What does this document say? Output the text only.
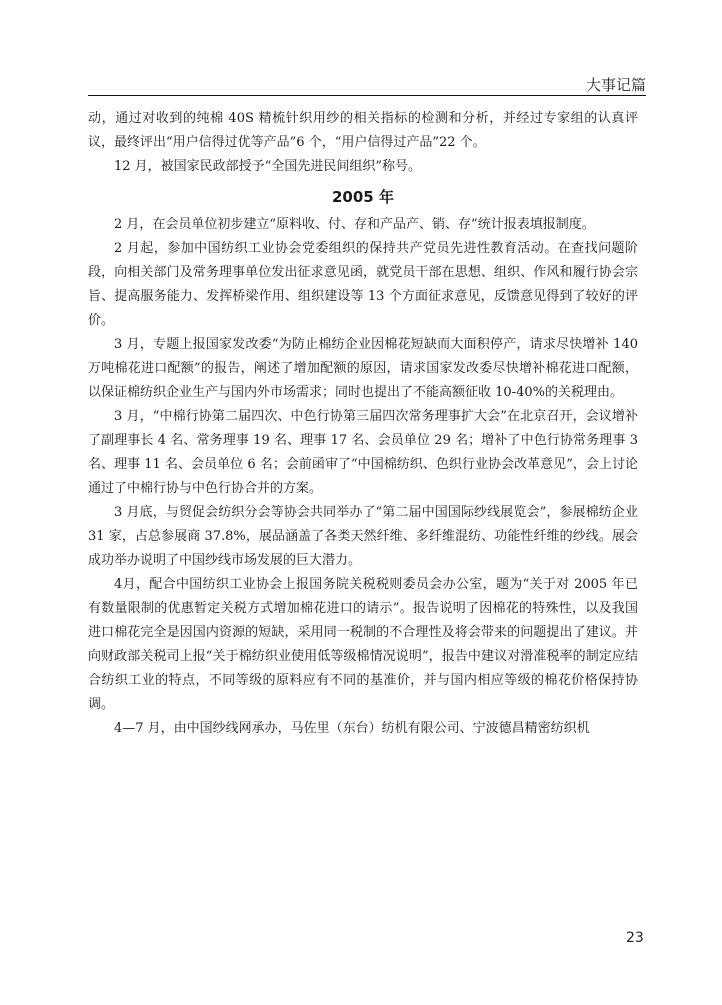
大事记篇

动，通过对收到的纯棉 40S 精梳针织用纱的相关指标的检测和分析，并经过专家组的认真评议，最终评出“用户信得过优等产品”6 个，“用户信得过产品”22 个。

12 月，被国家民政部授予“全国先进民间组织”称号。

2005 年

2 月，在会员单位初步建立“原料收、付、存和产品产、销、存”统计报表填报制度。

2 月起，参加中国纺织工业协会党委组织的保持共产党员先进性教育活动。在查找问题阶段，向相关部门及常务理事单位发出征求意见函，就党员干部在思想、组织、作风和履行协会宗旨、提高服务能力、发挥桥梁作用、组织建设等 13 个方面征求意见，反馈意见得到了较好的评价。

3 月，专题上报国家发改委“为防止棉纺企业因棉花短缺而大面积停产，请求尽快增补 140 万吨棉花进口配额”的报告，阐述了增加配额的原因，请求国家发改委尽快增补棉花进口配额，以保证棉纺织企业生产与国内外市场需求；同时也提出了不能高额征收 10-40%的关税理由。

3 月，“中棉行协第二届四次、中色行协第三届四次常务理事扩大会”在北京召开，会议增补了副理事长 4 名、常务理事 19 名、理事 17 名、会员单位 29 名；增补了中色行协常务理事 3 名、理事 11 名、会员单位 6 名；会前函审了“中国棉纺织、色织行业协会改革意见”，会上讨论通过了中棉行协与中色行协合并的方案。

3 月底，与贸促会纺织分会等协会共同举办了“第二届中国国际纱线展览会”，参展棉纺企业 31 家，占总参展商 37.8%，展品涵盖了各类天然纤维、多纤维混纺、功能性纤维的纱线。展会成功举办说明了中国纱线市场发展的巨大潜力。

4月，配合中国纺织工业协会上报国务院关税税则委员会办公室，题为“关于对 2005 年已有数量限制的优惠暂定关税方式增加棉花进口的请示”。报告说明了因棉花的特殊性，以及我国进口棉花完全是因国内资源的短缺，采用同一税制的不合理性及将会带来的问题提出了建议。并向财政部关税司上报“关于棉纺织业使用低等级棉情况说明”，报告中建议对滑准税率的制定应结合纺织工业的特点，不同等级的原料应有不同的基准价，并与国内相应等级的棉花价格保持协调。

4—7 月，由中国纱线网承办，马佐里（东台）纺机有限公司、宁波德昌精密纺织机

23
